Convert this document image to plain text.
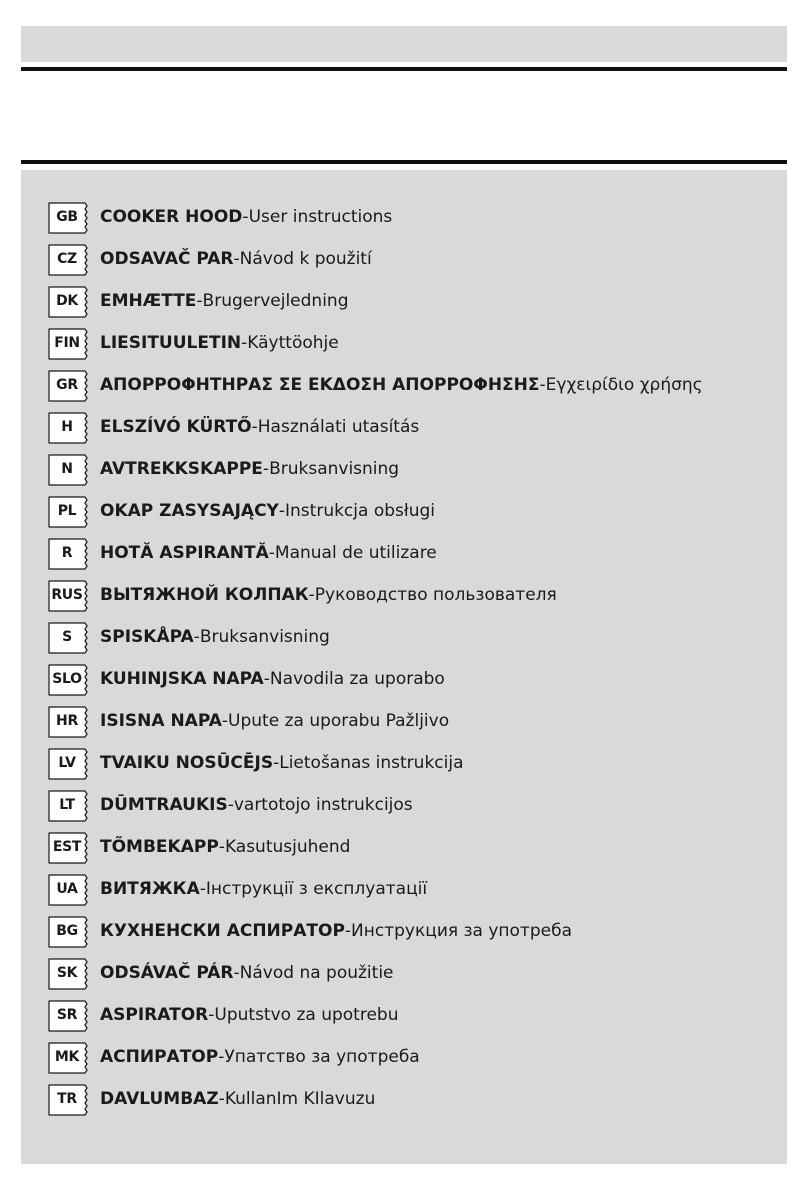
GB	COOKER HOOD - User instructions
CZ	ODSAVAČ PAR - Návod k použití
DK	EMHÆTTE - Brugervejledning
FIN	LIESITUULETIN - Käyttöohje
GR	ΑΠΟΡΡΟΦΗΤΗΡΑΣ ΣΕ ΕΚΔΟΣΗ ΑΠΟΡΡΟΦΗΣΗΣ - Εγχειρίδιο χρήσης
H	ELSZÍVÓ KÜRTŐ - Használati utasítás
N	AVTREKKSKAPPE - Bruksanvisning
PL	OKAP ZASYSAJĄCY - Instrukcja obsługi
R	HOTĂ ASPIRANTĂ - Manual de utilizare
RUS ВЫТЯЖНОЙ КОЛПАК - Руководство пользователя
S	SPISKÅPA - Bruksanvisning
SLO KUHINJSKA NAPA - Navodila za uporabo
HR	ISISNA NAPA - Upute za uporabu Pažljivo
LV	TVAIKU NOSŪCĒJS - Lietošanas instrukcija
LT	DŪMTRAUKIS - vartotojo instrukcijos
EST TÕMBEKAPP - Kasutusjuhend
UA	ВИТЯЖКА - Інструкції з експлуатації
BG	КУХНЕНСКИ АСПИРАТОР - Инструкция за употреба
SK	ODSÁVAČ PÁR - Návod na použitie
SR	ASPIRATOR - Uputstvo za upotrebu
MK	АСПИРАТОР - Упатство за употреба
TR	DAVLUMBAZ - KullanIm KIlavuzu
